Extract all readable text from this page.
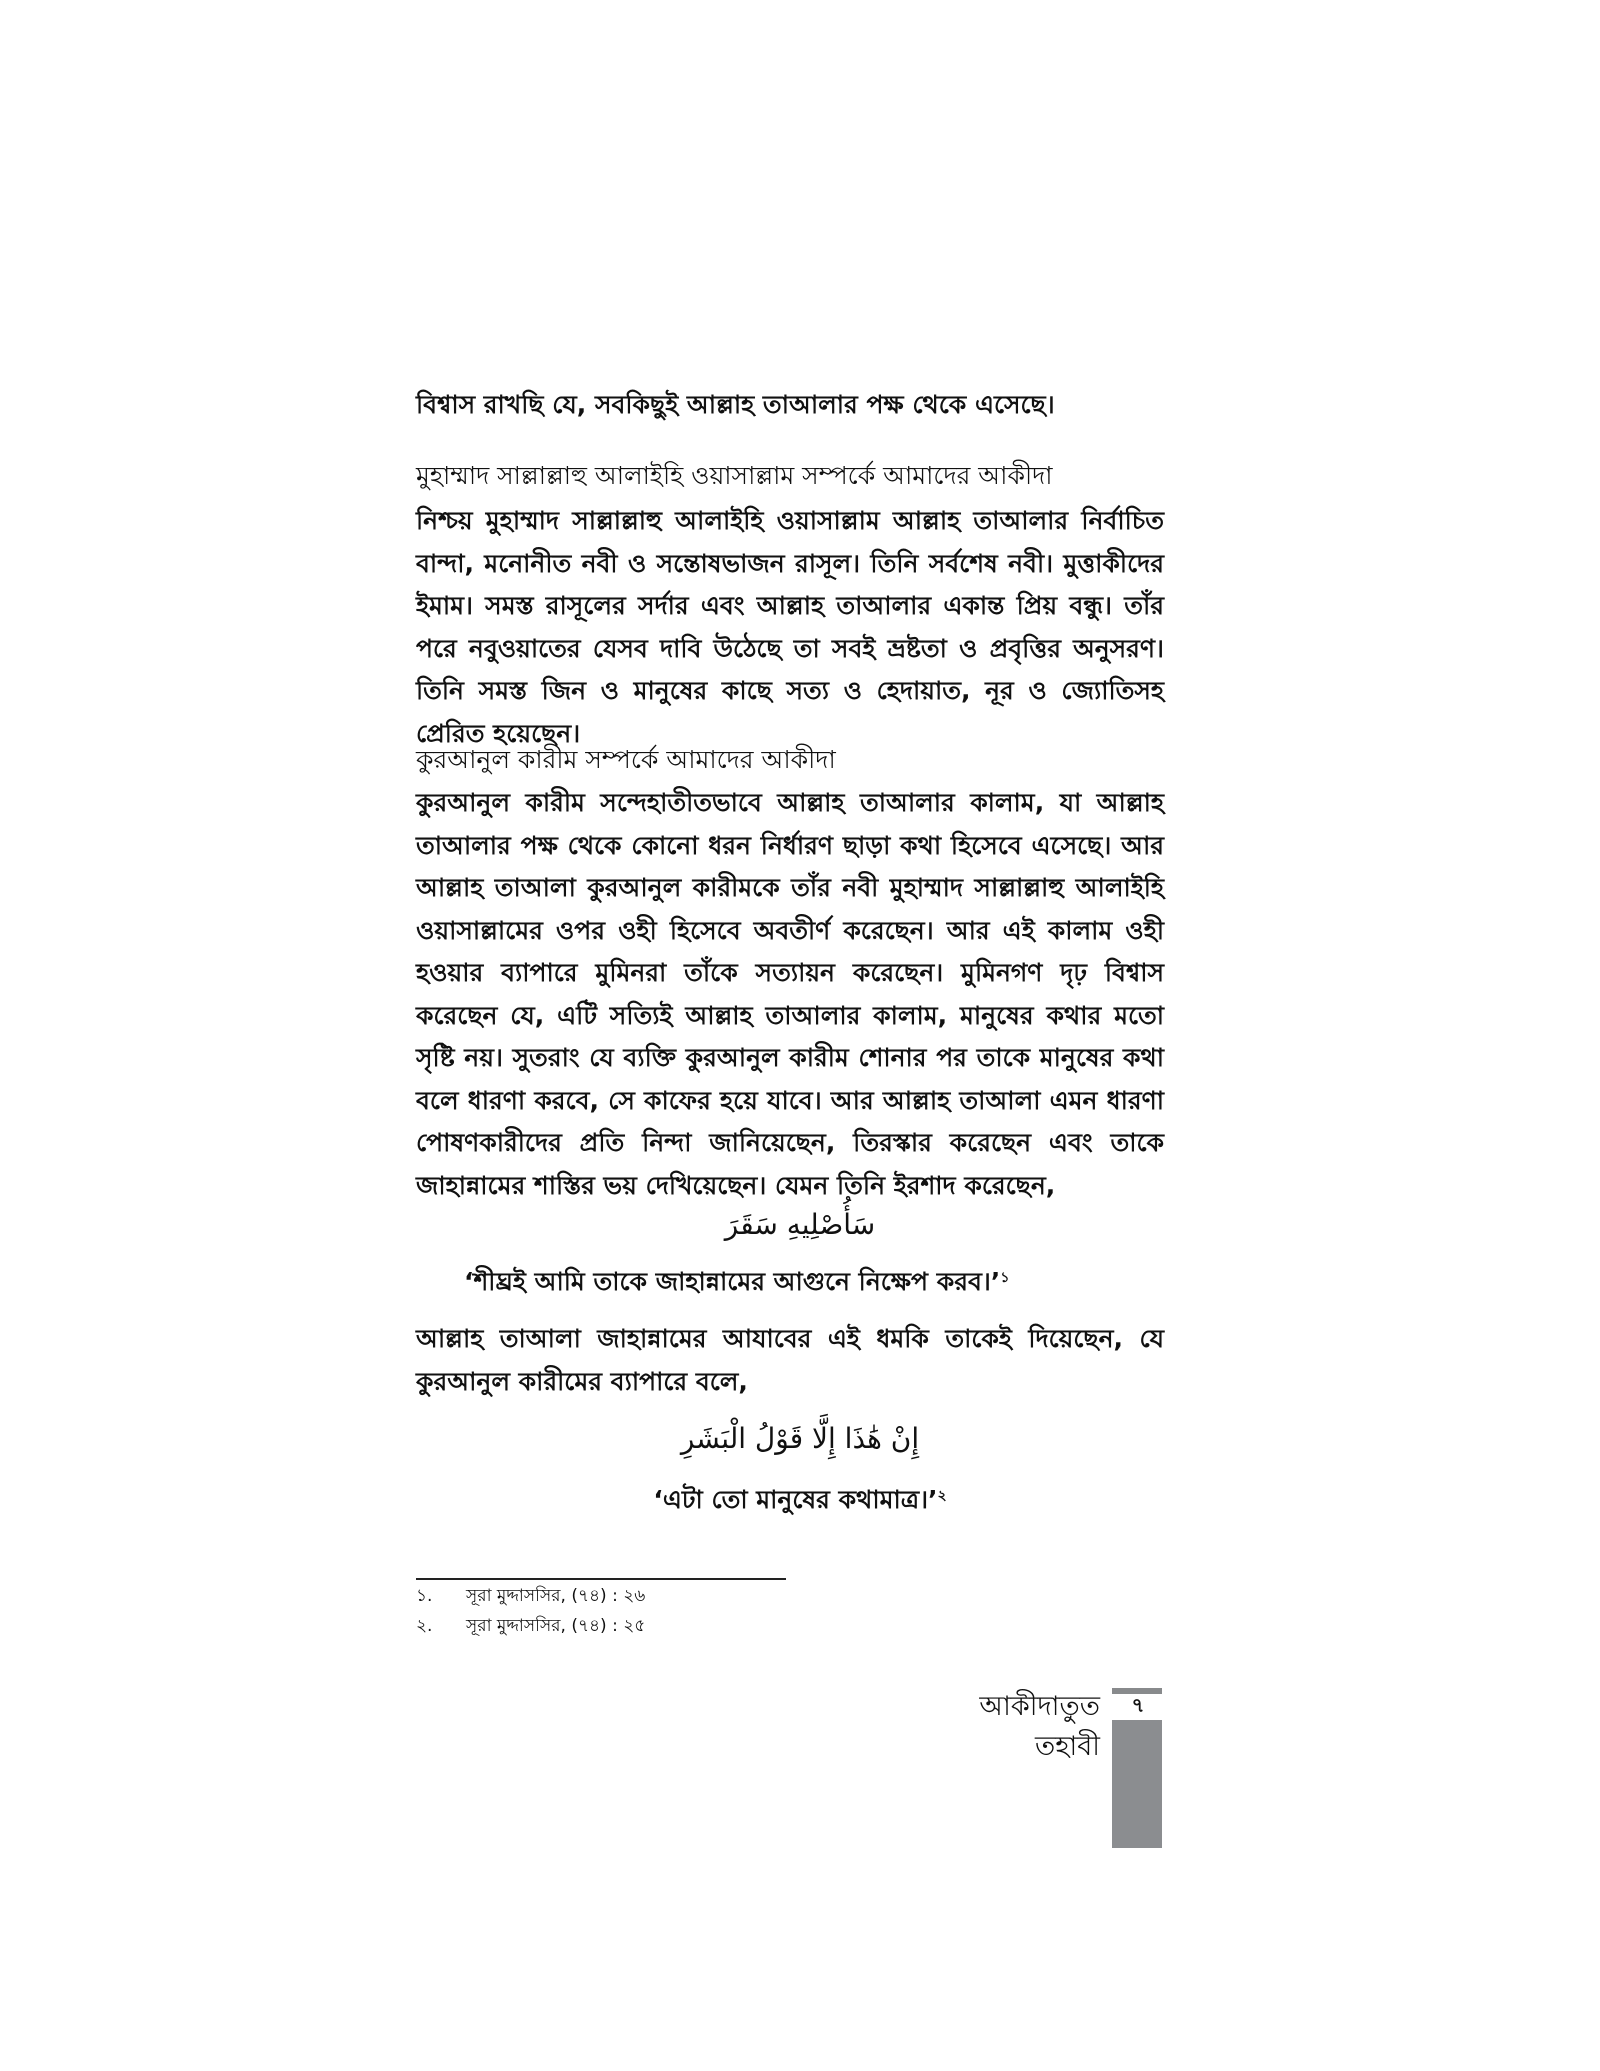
বিশ্বাস রাখছি যে, সবকিছুই আল্লাহ তাআলার পক্ষ থেকে এসেছে।
মুহাম্মাদ সাল্লাল্লাহু আলাইহি ওয়াসাল্লাম সম্পর্কে আমাদের আকীদা
নিশ্চয় মুহাম্মাদ সাল্লাল্লাহু আলাইহি ওয়াসাল্লাম আল্লাহ তাআলার নির্বাচিত বান্দা, মনোনীত নবী ও সন্তোষভাজন রাসূল। তিনি সর্বশেষ নবী। মুত্তাকীদের ইমাম। সমস্ত রাসূলের সর্দার এবং আল্লাহ তাআলার একান্ত প্রিয় বন্ধু। তাঁর পরে নবুওয়াতের যেসব দাবি উঠেছে তা সবই ভ্রষ্টতা ও প্রবৃত্তির অনুসরণ। তিনি সমস্ত জিন ও মানুষের কাছে সত্য ও হেদায়াত, নূর ও জ্যোতিসহ প্রেরিত হয়েছেন।
কুরআনুল কারীম সম্পর্কে আমাদের আকীদা
কুরআনুল কারীম সন্দেহাতীতভাবে আল্লাহ তাআলার কালাম, যা আল্লাহ তাআলার পক্ষ থেকে কোনো ধরন নির্ধারণ ছাড়া কথা হিসেবে এসেছে। আর আল্লাহ তাআলা কুরআনুল কারীমকে তাঁর নবী মুহাম্মাদ সাল্লাল্লাহু আলাইহি ওয়াসাল্লামের ওপর ওহী হিসেবে অবতীর্ণ করেছেন। আর এই কালাম ওহী হওয়ার ব্যাপারে মুমিনরা তাঁকে সত্যায়ন করেছেন। মুমিনগণ দৃঢ় বিশ্বাস করেছেন যে, এটি সত্যিই আল্লাহ তাআলার কালাম, মানুষের কথার মতো সৃষ্টি নয়। সুতরাং যে ব্যক্তি কুরআনুল কারীম শোনার পর তাকে মানুষের কথা বলে ধারণা করবে, সে কাফের হয়ে যাবে। আর আল্লাহ তাআলা এমন ধারণা পোষণকারীদের প্রতি নিন্দা জানিয়েছেন, তিরস্কার করেছেন এবং তাকে জাহান্নামের শাস্তির ভয় দেখিয়েছেন। যেমন তিনি ইরশাদ করেছেন,
سَأُصْلِيهِ سَقَرَ
‘শীঘ্রই আমি তাকে জাহান্নামের আগুনে নিক্ষেপ করব।’$^১$
আল্লাহ তাআলা জাহান্নামের আযাবের এই ধমকি তাকেই দিয়েছেন, যে কুরআনুল কারীমের ব্যাপারে বলে,
إِنْ هَٰذَا إِلَّا قَوْلُ الْبَشَرِ
‘এটা তো মানুষের কথামাত্র।’$^২$
১. সূরা মুদ্দাসসির, (৭৪) : ২৬
২. সূরা মুদ্দাসসির, (৭৪) : ২৫
আকীদাতুত তহাবী
৭
